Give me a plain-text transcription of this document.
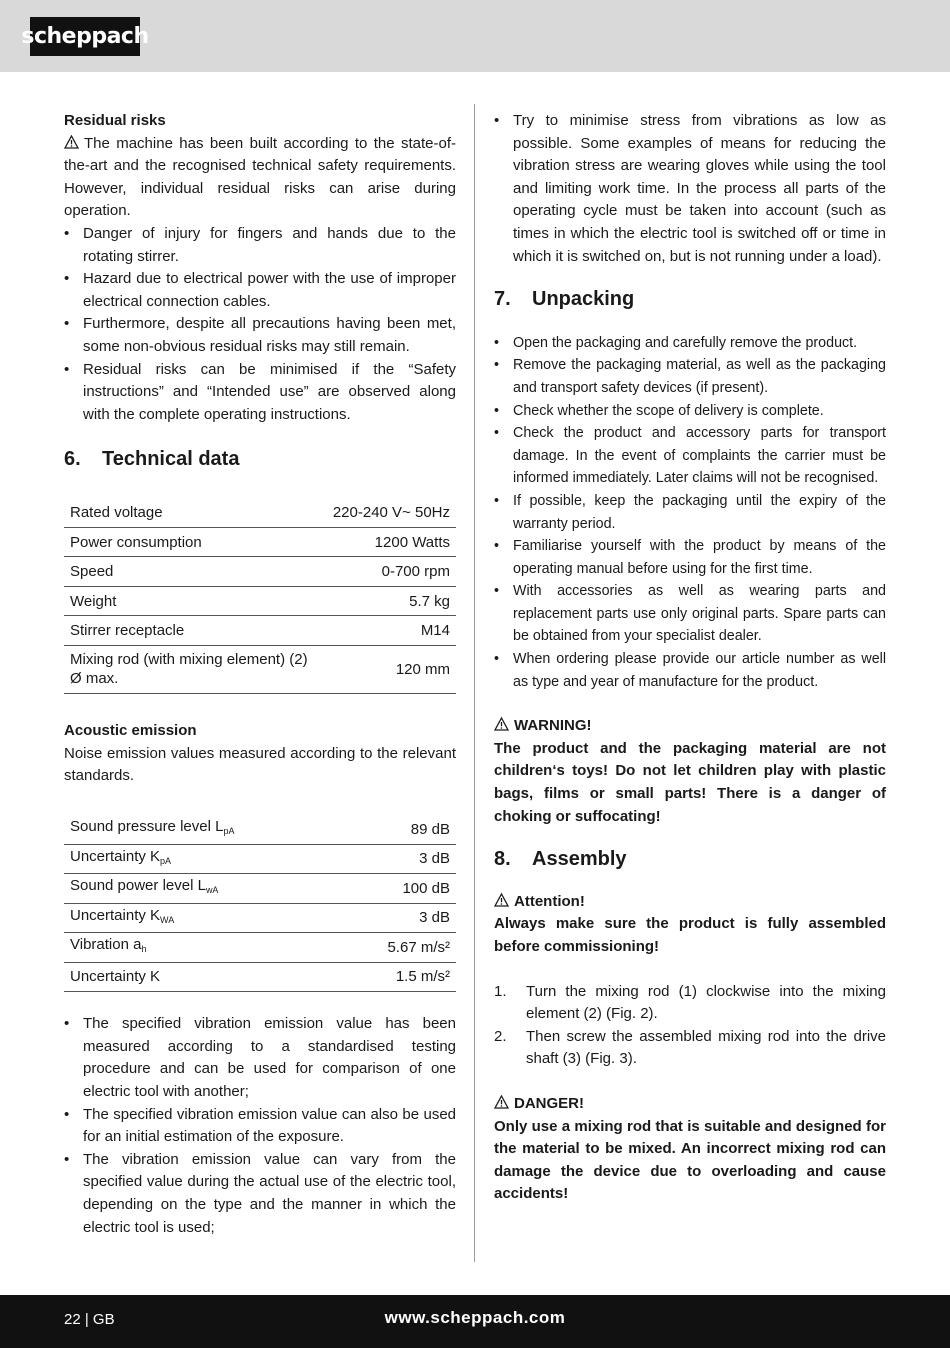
scheppach

Residual risks

The machine has been built according to the state-of-the-art and the recognised technical safety requirements. However, individual residual risks can arise during operation.

• Danger of injury for fingers and hands due to the rotating stirrer.
• Hazard due to electrical power with the use of improper electrical connection cables.
• Furthermore, despite all precautions having been met, some non-obvious residual risks may still remain.
• Residual risks can be minimised if the “Safety instructions” and “Intended use” are observed along with the complete operating instructions.
6. Technical data
Rated voltage	220-240 V~ 50Hz
Power consumption	1200 Watts
Speed	0-700 rpm
Weight	5.7 kg
Stirrer receptacle	M14
Mixing rod (with mixing element) (2) Ø max.	120 mm

Acoustic emission

Noise emission values measured according to the relevant standards.

Sound pressure level $L_{pA}$	89 dB
Uncertainty $K_{pA}$	3 dB
Sound power level $L_{wA}$	100 dB
Uncertainty $K_{WA}$	3 dB
Vibration $a_h$	5.67 m/s²
Uncertainty K	1.5 m/s²
• The specified vibration emission value has been measured according to a standardised testing procedure and can be used for comparison of one electric tool with another;
• The specified vibration emission value can also be used for an initial estimation of the exposure.
• The vibration emission value can vary from the specified value during the actual use of the electric tool, depending on the type and the manner in which the electric tool is used;
• Try to minimise stress from vibrations as low as possible. Some examples of means for reducing the vibration stress are wearing gloves while using the tool and limiting work time. In the process all parts of the operating cycle must be taken into account (such as times in which the electric tool is switched off or time in which it is switched on, but is not running under a load).
7. Unpacking
• Open the packaging and carefully remove the product.
• Remove the packaging material, as well as the packaging and transport safety devices (if present).
• Check whether the scope of delivery is complete.
• Check the product and accessory parts for transport damage. In the event of complaints the carrier must be informed immediately. Later claims will not be recognised.
• If possible, keep the packaging until the expiry of the warranty period.
• Familiarise yourself with the product by means of the operating manual before using for the first time.
• With accessories as well as wearing parts and replacement parts use only original parts. Spare parts can be obtained from your specialist dealer.
• When ordering please provide our article number as well as type and year of manufacture for the product.

WARNING!

The product and the packaging material are not children‘s toys! Do not let children play with plastic bags, films or small parts! There is a danger of choking or suffocating!

8. Assembly

Attention!

Always make sure the product is fully assembled before commissioning!

1. Turn the mixing rod (1) clockwise into the mixing element (2) (Fig. 2).
2. Then screw the assembled mixing rod into the drive shaft (3) (Fig. 3).

DANGER!

Only use a mixing rod that is suitable and designed for the material to be mixed. An incorrect mixing rod can damage the device due to overloading and cause accidents!

22 | GB	www.scheppach.com
